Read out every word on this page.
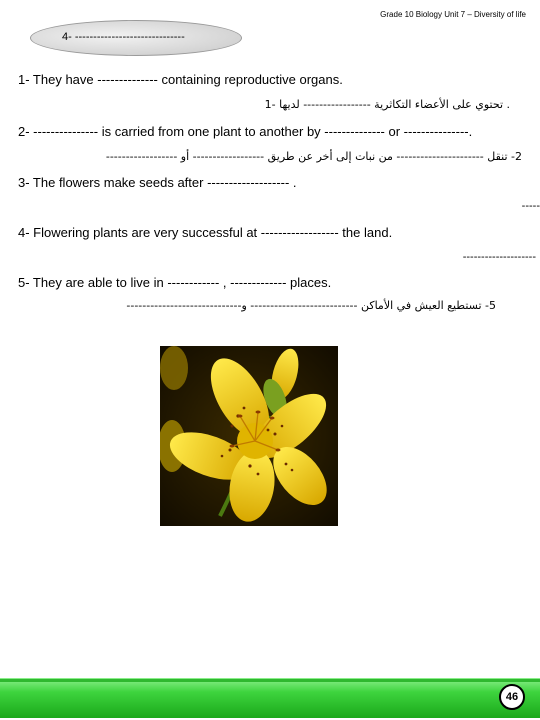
Grade 10 Biology Unit 7 – Diversity of life
4- ------------------------------
1- They have -------------- containing reproductive organs.
. تحتوي على الأعضاء التكاثرية ----------------- لديها -1
2- --------------- is carried from one plant to another by -------------- or ---------------.
2- تنقل ---------------------- من نبات إلى أخر عن طريق ------------------ أو ------------------
3- The flowers make seeds after ------------------- .
-----
4- Flowering plants are very successful at ------------------ the land.
--------------------
5- They are able to live in ------------ , ------------- places.
5- تستطيع العيش في الأماكن --------------------------- و-----------------------------
46
